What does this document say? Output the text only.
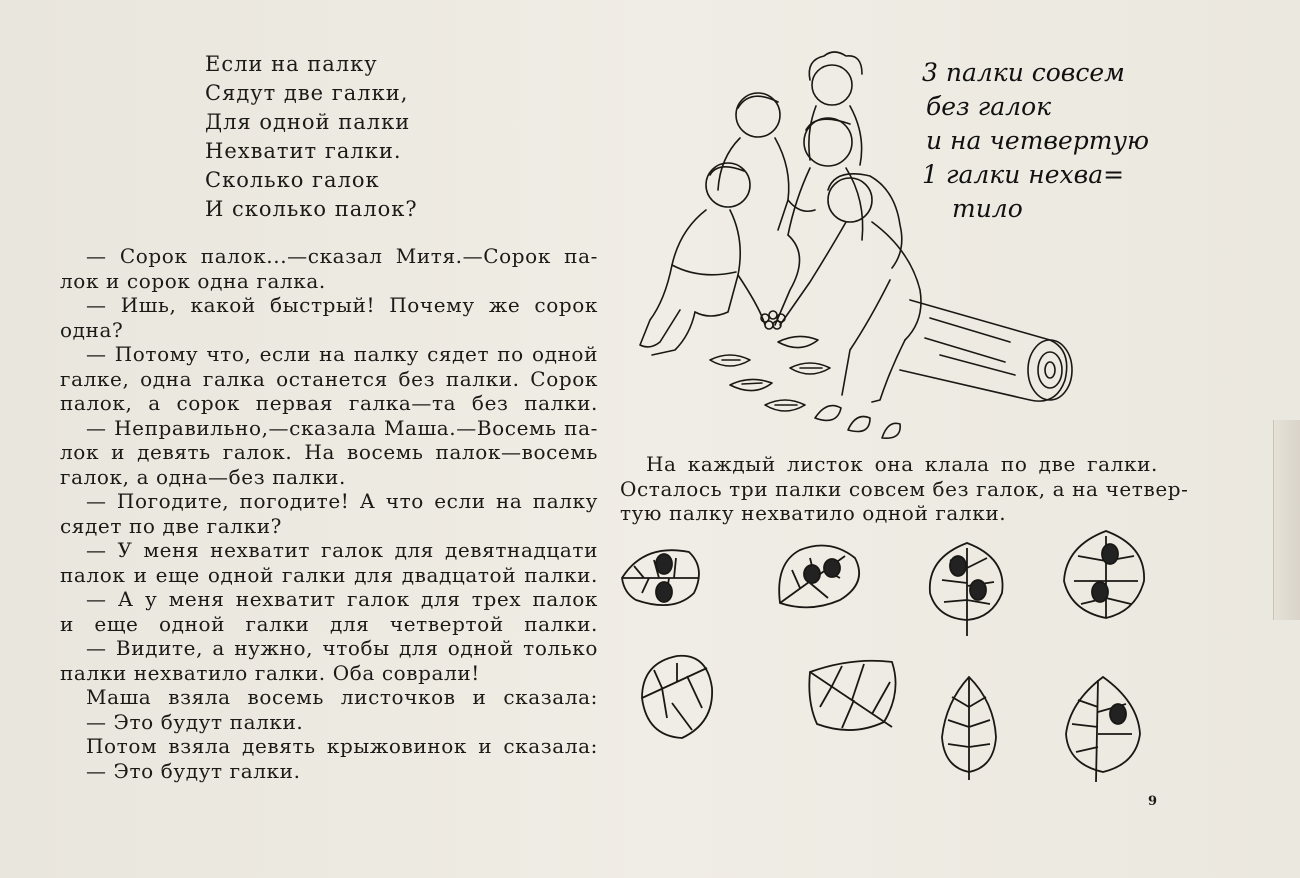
Если на палку
Сядут две галки,
Для одной палки
Нехватит галки.
Сколько галок
И сколько палок?
— Сорок палок...—сказал Митя.—Сорок па-
лок и сорок одна галка.
— Ишь, какой быстрый! Почему же сорок
одна?
— Потому что, если на палку сядет по одной
галке, одна галка останется без палки. Сорок
палок, а сорок первая галка—та без палки.
— Неправильно,—сказала Маша.—Восемь па-
лок и девять галок. На восемь палок—восемь
галок, а одна—без палки.
— Погодите, погодите! А что если на палку
сядет по две галки?
— У меня нехватит галок для девятнадцати
палок и еще одной галки для двадцатой палки.
— А у меня нехватит галок для трех палок
и еще одной галки для четвертой палки.
— Видите, а нужно, чтобы для одной только
палки нехватило галки. Оба соврали!
Маша взяла восемь листочков и сказала:
— Это будут палки.
Потом взяла девять крыжовинок и сказала:
— Это будут галки.
3 палки совсем
без галок
и на четвертую
1 галки нехва=
тило
На каждый листок она клала по две галки.
Осталось три палки совсем без галок, а на четвер-
тую палку нехватило одной галки.
9
